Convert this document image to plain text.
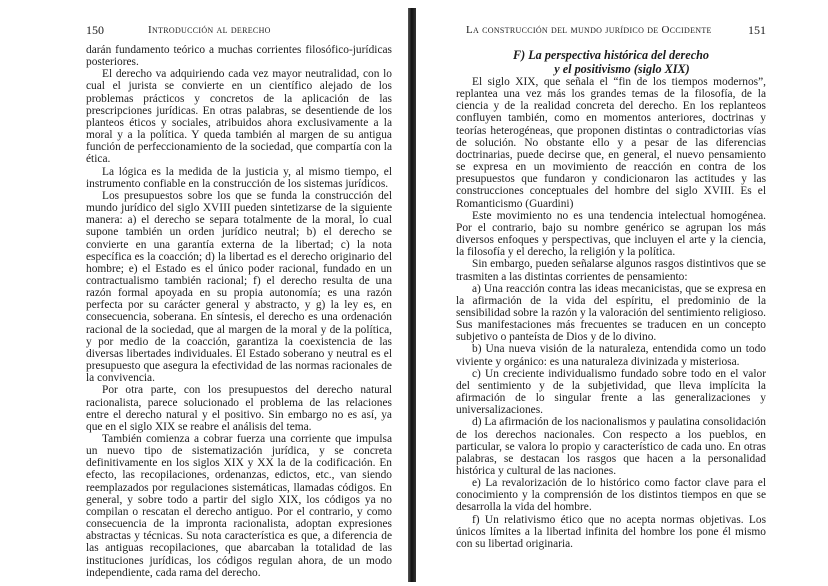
150	Introducción al derecho

darán fundamento teórico a muchas corrientes filosófico-jurídicas posteriores.

El derecho va adquiriendo cada vez mayor neutralidad, con lo cual el jurista se convierte en un científico alejado de los problemas prácticos y concretos de la aplicación de las prescripciones jurídicas. En otras palabras, se desentiende de los planteos éticos y sociales, atribuidos ahora exclusivamente a la moral y a la política. Y queda también al margen de su antigua función de perfeccionamiento de la sociedad, que compartía con la ética.

La lógica es la medida de la justicia y, al mismo tiempo, el instrumento confiable en la construcción de los sistemas jurídicos.

Los presupuestos sobre los que se funda la construcción del mundo jurídico del siglo XVIII pueden sintetizarse de la siguiente manera: a) el derecho se separa totalmente de la moral, lo cual supone también un orden jurídico neutral; b) el derecho se convierte en una garantía externa de la libertad; c) la nota específica es la coacción; d) la libertad es el derecho originario del hombre; e) el Estado es el único poder racional, fundado en un contractualismo también racional; f) el derecho resulta de una razón formal apoyada en su propia autonomía; es una razón perfecta por su carácter general y abstracto, y g) la ley es, en consecuencia, soberana. En síntesis, el derecho es una ordenación racional de la sociedad, que al margen de la moral y de la política, y por medio de la coacción, garantiza la coexistencia de las diversas libertades individuales. El Estado soberano y neutral es el presupuesto que asegura la efectividad de las normas racionales de la convivencia.

Por otra parte, con los presupuestos del derecho natural racionalista, parece solucionado el problema de las relaciones entre el derecho natural y el positivo. Sin embargo no es así, ya que en el siglo XIX se reabre el análisis del tema.

También comienza a cobrar fuerza una corriente que impulsa un nuevo tipo de sistematización jurídica, y se concreta definitivamente en los siglos XIX y XX la de la codificación. En efecto, las recopilaciones, ordenanzas, edictos, etc., van siendo reemplazados por regulaciones sistemáticas, llamadas códigos. En general, y sobre todo a partir del siglo XIX, los códigos ya no compilan o rescatan el derecho antiguo. Por el contrario, y como consecuencia de la impronta racionalista, adoptan expresiones abstractas y técnicas. Su nota característica es que, a diferencia de las antiguas recopilaciones, que abarcaban la totalidad de las instituciones jurídicas, los códigos regulan ahora, de un modo independiente, cada rama del derecho.

La construcción del mundo jurídico de Occidente	151
F) La perspectiva histórica del derecho
y el positivismo (siglo XIX)

El siglo XIX, que señala el “fin de los tiempos modernos”, replantea una vez más los grandes temas de la filosofía, de la ciencia y de la realidad concreta del derecho. En los replanteos confluyen también, como en momentos anteriores, doctrinas y teorías heterogéneas, que proponen distintas o contradictorias vías de solución. No obstante ello y a pesar de las diferencias doctrinarias, puede decirse que, en general, el nuevo pensamiento se expresa en un movimiento de reacción en contra de los presupuestos que fundaron y condicionaron las actitudes y las construcciones conceptuales del hombre del siglo XVIII. Es el Romanticismo (Guardini)

Este movimiento no es una tendencia intelectual homogénea. Por el contrario, bajo su nombre genérico se agrupan los más diversos enfoques y perspectivas, que incluyen el arte y la ciencia, la filosofía y el derecho, la religión y la política.

Sin embargo, pueden señalarse algunos rasgos distintivos que se trasmiten a las distintas corrientes de pensamiento:

a) Una reacción contra las ideas mecanicistas, que se expresa en la afirmación de la vida del espíritu, el predominio de la sensibilidad sobre la razón y la valoración del sentimiento religioso. Sus manifestaciones más frecuentes se traducen en un concepto subjetivo o panteísta de Dios y de lo divino.

b) Una nueva visión de la naturaleza, entendida como un todo viviente y orgánico: es una naturaleza divinizada y misteriosa.

c) Un creciente individualismo fundado sobre todo en el valor del sentimiento y de la subjetividad, que lleva implícita la afirmación de lo singular frente a las generalizaciones y universalizaciones.

d) La afirmación de los nacionalismos y paulatina consolidación de los derechos nacionales. Con respecto a los pueblos, en particular, se valora lo propio y característico de cada uno. En otras palabras, se destacan los rasgos que hacen a la personalidad histórica y cultural de las naciones.

e) La revalorización de lo histórico como factor clave para el conocimiento y la comprensión de los distintos tiempos en que se desarrolla la vida del hombre.

f) Un relativismo ético que no acepta normas objetivas. Los únicos límites a la libertad infinita del hombre los pone él mismo con su libertad originaria.
